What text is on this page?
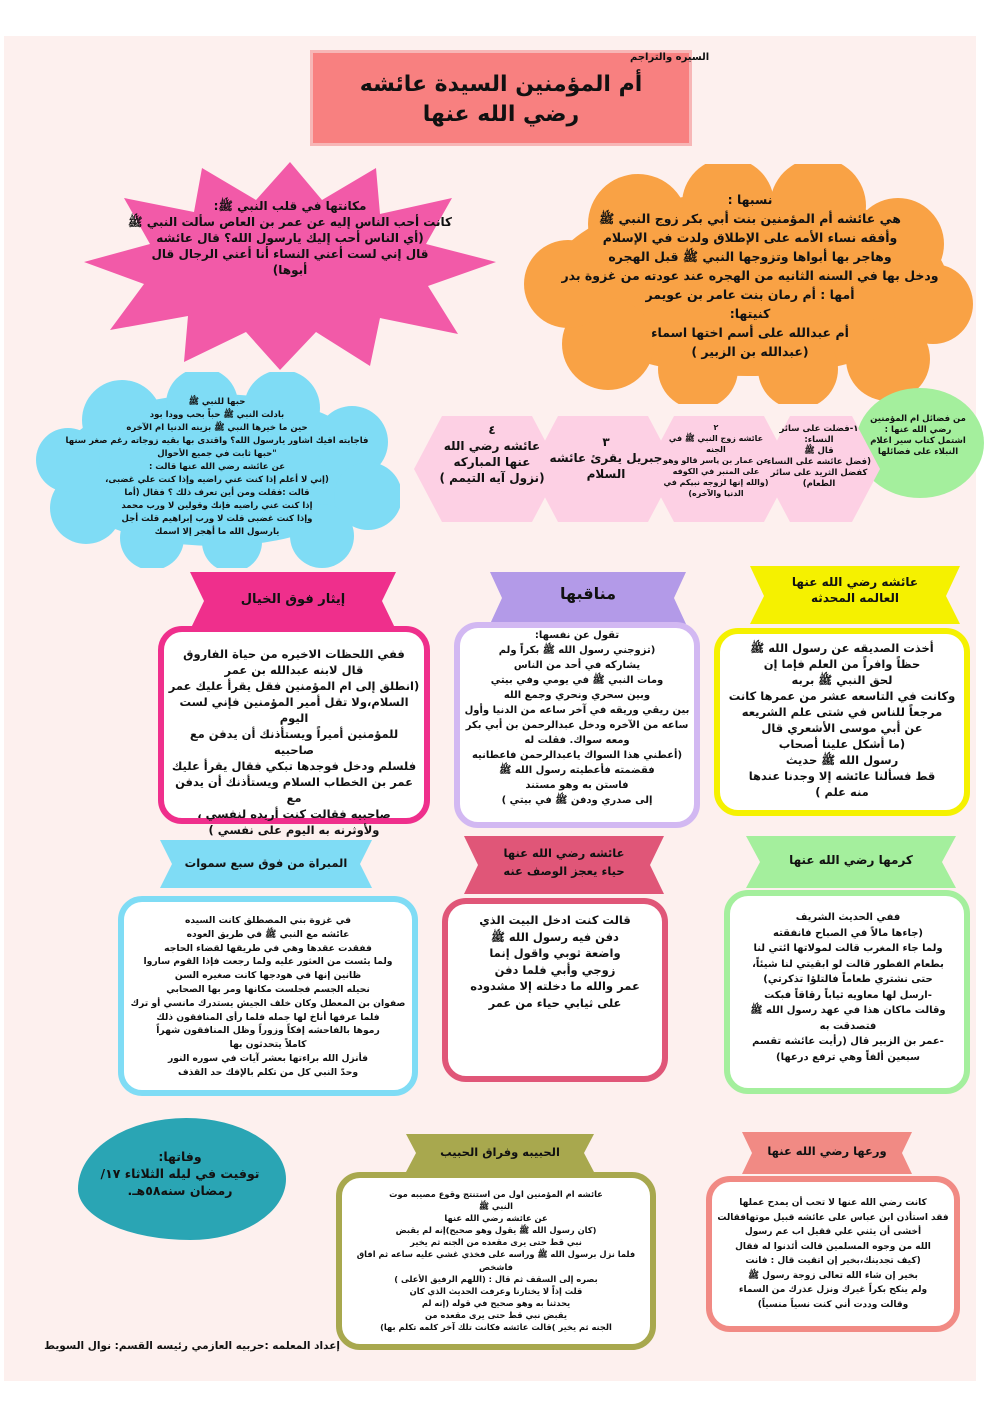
السيره والتراجم
أم المؤمنين السيدة عائشه
رضي الله عنها
مكانتها في قلب النبي ﷺ:
كانت أحب الناس إليه عن عمر بن العاص سألت النبي ﷺ
(أي الناس أحب إليك يارسول الله؟ قال عائشه
قال إني لست أعني النساء أنا أعني الرجال قال
أبوها)
نسبها :
هي عائشه أم المؤمنين بنت أبي بكر زوج النبي ﷺ
وأفقه نساء الأمه على الإطلاق ولدت في الإسلام
وهاجر بها أبواها وتزوجها النبي ﷺ قبل الهجره
ودخل بها في السنه الثانيه من الهجره عند عودته من غزوة بدر
أمها : أم رمان بنت عامر بن عويمر
كنيتها:
أم عبدالله على أسم اختها اسماء
(عبدالله بن الزبير )
حبها للنبي ﷺ
بادلت النبي ﷺ حباً بحب وودا بود
حين ما خيرها النبي ﷺ بزينه الدنيا ام الآخره
فاجابته افيك اشاور يارسول الله؟ واقتدى بها بقيه زوجاته رغم صغر سنها
"حبها ثابت في جميع الأحوال
عن عائشه رضي الله عنها قالت :
(إني لا أعلم إذا كنت عني راضيه وإذا كنت علي غضبى،
قالت :فقلت ومن أين تعرف ذلك ؟ فقال (أما
إذا كنت عني راضيه فإنك وقولين لا ورب محمد
وإذا كنت غضبى قلت لا ورب إبراهيم قلت أجل
يارسول الله ما أهجر إلا اسمك
من فضائل ام المؤمنين رضي الله عنها :
اشتمل كتاب سير اعلام النبلاء على فضائلها
١-فضلت على سائر النساء:
قال ﷺ
(فضل عائشه على النساء كفضل الثريد على سائر الطعام)
٢
عائشه زوج النبي ﷺ في الجنه
عن عمار بن ياسر قالو وهو على المنبر في الكوفه
(والله إنها لزوجه نبيكم في الدنيا والآخره)
٣
جبريل يقرئ عائشه السلام
٤
عائشه رضي الله عنها المباركه
(نزول آيه التيمم )
عائشه رضي الله عنها
العالمه المحدثه
أخذت الصديقه عن رسول الله ﷺ
حظاً وافراً من العلم فإما إن
لحق النبي ﷺ بربه
وكانت في التاسعه عشر من عمرها كانت
مرجعاً للناس في شتى علم الشريعه
عن أبي موسى الأشعري قال
(ما أشكل علينا أصحاب
رسول الله ﷺ حديث
قط فسألنا عائشه إلا وجدنا عندها
منه علم )
مناقبها
تقول عن نفسها:
(تزوجني رسول الله ﷺ بكراً ولم
يشاركه في أحد من الناس
ومات النبي ﷺ في يومي وفي بيتي
وبين سحري ونحري وجمع الله
بين ريقي وريقه في آخر ساعه من الدنيا وأول
ساعه من الآخره ودخل عبدالرحمن بن أبي بكر
ومعه سواك. فقلت له
(أعطني هذا السواك ياعبدالرحمن فاعطانيه
فقضمته فأعطيته رسول الله ﷺ
فاستن به وهو مستند
إلى صدري ودفن ﷺ في بيتي )
إيثار فوق الخيال
ففي اللحظات الاخيره من حياة الفاروق
قال لابنه عبدالله بن عمر
(انطلق إلى ام المؤمنين فقل يقرأ عليك عمر
السلام،ولا تقل أمير المؤمنين فإني لست اليوم
للمؤمنين أميراً ويستأذنك أن يدفن مع صاحبيه
فلسلم ودخل فوجدها تبكي فقال يقرأ عليك
عمر بن الخطاب السلام ويستأذنك أن يدفن مع
صاحبيه فقالت كنت أريده لنفسي ،
ولأوثرنه به اليوم على نفسي )
كرمها رضي الله عنها
ففي الحديث الشريف
(جاءها مالاً في الصباح فانفقته
ولما جاء المغرب قالت لمولاتها ائتي لنا
بطعام الفطور قالت لو ابقيتي لنا شيئاً،
حتى نشتري طعاماً فالتلؤا تذكرتي)
-ارسل لها معاويه ثياباً رقاقاً فبكت
وقالت ماكان هذا في عهد رسول الله ﷺ
فتصدقت به
-عمر بن الزبير قال (رأيت عائشه تقسم
سبعين ألفاً وهي ترفع درعها)
عائشه رضي الله عنها
حياء يعجز الوصف عنه
قالت كنت ادخل البيت الذي
دفن فيه رسول الله ﷺ
واضعة ثوبي واقول إنما
زوجي وأبي فلما دفن
عمر والله ما دخلته إلا مشدوده
على ثيابي حياء من عمر
المبراة من فوق سبع سموات
في غزوة بني المصطلق كانت السيده
عائشه مع النبي ﷺ في طريق العوده
ففقدت عقدها وهي في طريقها لقضاء الحاجه
ولما يئست من العثور عليه ولما رجعت فإذا القوم ساروا
ظانين إنها في هودجها كانت صغيره السن
نحيله الجسم فجلست مكانها ومر بها الصحابي
صفوان بن المعطل وكان خلف الجيش يستدرك مانسي أو ترك
فلما عرفها أناخ لها جمله فلما رأى المنافقون ذلك
رموها بالفاحشه إفكاً وزوراً وظل المنافقون شهراً
كاملاً يتحدثون بها
فأنزل الله براءتها بعشر آيات في سوره النور
وحدّ النبي كل من تكلم بالإفك حد القذف
وفاتها:
توفيت في ليله الثلاثاء ١٧/
رمضان سنه٥٨هـ.
الحبيبه وفراق الحبيب
عائشه ام المؤمنين اول من استنتج وقوع مصيبه موت
النبي ﷺ
عن عائشه رضي الله عنها
(كان رسول الله ﷺ يقول وهو صحيح)إنه لم يقبض
نبي قط حتى يرى مقعده من الجنه ثم يخير
فلما نزل برسول الله ﷺ وراسه على فخذي غشي عليه ساعه ثم افاق فاشخص
بصره إلى السقف ثم قال : (اللهم الرفيق الأعلى )
قلت إذاً لا يختارنا وعرفت الحديث الذي كان
يحدثنا به وهو صحيح في قوله (إنه لم
يقبض نبي قط حتى يرى مقعده من
الجنه ثم يخير )قالت عائشه فكانت تلك آخر كلمه تكلم بها)
ورعها رضي الله عنها
كانت رضي الله عنها لا تحب أن يمدح عملها
فقد استأذن ابن عباس على عائشه قبيل موتهافقالت
أخشى أن يثني علي فقيل اب عم رسول
الله من وجوه المسلمين قالت أئذنوا له فقال
(كيف تجدينك،بخير إن اتقيت قال : فانت
بخير إن شاء الله تعالى زوجة رسول ﷺ
ولم ينكح بكراً غيرك ونزل عذرك من السماء
وقالت وددت أني كنت نسياً منسياً)
إعداد المعلمه :حربيه العازمي رئيسه القسم: نوال السويط
